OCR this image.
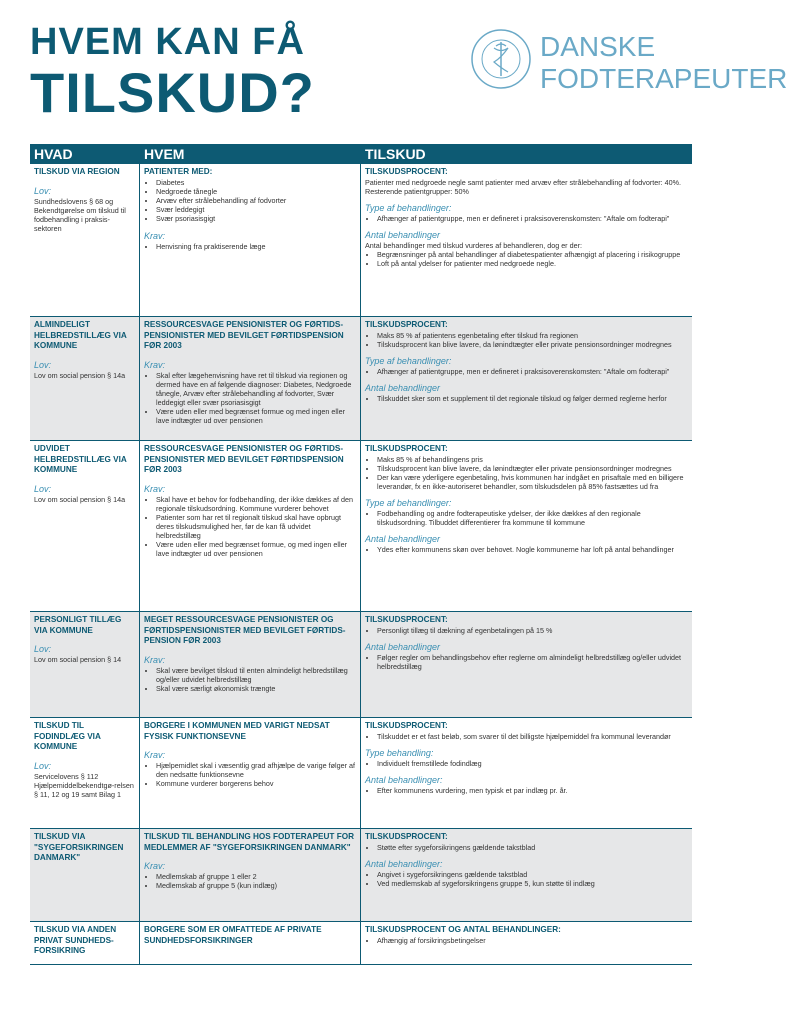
HVEM KAN FÅ
TILSKUD?
DANSKE
FODTERAPEUTER
HVAD	HVEM	TILSKUD
TILSKUD VIA REGION
Lov:
Sundhedslovens § 68 og Bekendtgørelse om tilskud til fodbehandling i praksis-sektoren
PATIENTER MED:
• Diabetes
• Nedgroede tånegle
• Arvæv efter strålebehandling af fodvorter
• Svær leddegigt
• Svær psoriasisgigt
Krav:
• Henvisning fra praktiserende læge
TILSKUDSPROCENT:
Patienter med nedgroede negle samt patienter med arvæv efter strålebehandling af fodvorter: 40%.
Resterende patientgrupper: 50%
Type af behandlinger:
• Afhænger af patientgruppe, men er defineret i praksisoverenskomsten: "Aftale om fodterapi"
Antal behandlinger
Antal behandlinger med tilskud vurderes af behandleren, dog er der:
• Begrænsninger på antal behandlinger af diabetespatienter afhængigt af placering i risikogruppe
• Loft på antal ydelser for patienter med nedgroede negle.
ALMINDELIGT HELBREDSTILLÆG VIA KOMMUNE
Lov:
Lov om social pension § 14a
RESSOURCESVAGE PENSIONISTER OG FØRTIDS-PENSIONISTER MED BEVILGET FØRTIDSPENSION FØR 2003
Krav:
• Skal efter lægehenvisning have ret til tilskud via regionen og dermed have en af følgende diagnoser: Diabetes, Nedgroede tånegle, Arvæv efter strålebehandling af fodvorter, Svær leddegigt eller svær psoriasisgigt
• Være uden eller med begrænset formue og med ingen eller lave indtægter ud over pensionen
TILSKUDSPROCENT:
• Maks 85 % af patientens egenbetaling efter tilskud fra regionen
• Tilskudsprocent kan blive lavere, da lønindtægter eller private pensionsordninger modregnes
Type af behandlinger:
• Afhænger af patientgruppe, men er defineret i praksisoverenskomsten: "Aftale om fodterapi"
Antal behandlinger
• Tilskuddet sker som et supplement til det regionale tilskud og følger dermed reglerne herfor
UDVIDET HELBREDSTILLÆG VIA KOMMUNE
Lov:
Lov om social pension § 14a
RESSOURCESVAGE PENSIONISTER OG FØRTIDS-PENSIONISTER MED BEVILGET FØRTIDSPENSION FØR 2003
Krav:
• Skal have et behov for fodbehandling, der ikke dækkes af den regionale tilskudsordning. Kommune vurderer behovet
• Patienter som har ret til regionalt tilskud skal have opbrugt deres tilskudsmulighed her, før de kan få udvidet helbredstillæg
• Være uden eller med begrænset formue, og med ingen eller lave indtægter ud over pensionen
TILSKUDSPROCENT:
• Maks 85 % af behandlingens pris
• Tilskudsprocent kan blive lavere, da lønindtægter eller private pensionsordninger modregnes
• Der kan være yderligere egenbetaling, hvis kommunen har indgået en prisaftale med en billigere leverandør, fx en ikke-autoriseret behandler, som tilskudsdelen på 85% fastsættes ud fra
Type af behandlinger:
• Fodbehandling og andre fodterapeutiske ydelser, der ikke dækkes af den regionale tilskudsordning. Tilbuddet differentierer fra kommune til kommune
Antal behandlinger
• Ydes efter kommunens skøn over behovet. Nogle kommunerne har loft på antal behandlinger
PERSONLIGT TILLÆG VIA KOMMUNE
Lov:
Lov om social pension § 14
MEGET RESSOURCESVAGE PENSIONISTER OG FØRTIDSPENSIONISTER MED BEVILGET FØRTIDS-PENSION FØR 2003
Krav:
• Skal være bevilget tilskud til enten almindeligt helbredstillæg og/eller udvidet helbredstillæg
• Skal være særligt økonomisk trængte
TILSKUDSPROCENT:
• Personligt tillæg til dækning af egenbetalingen på 15 %
Antal behandlinger
• Følger regler om behandlingsbehov efter reglerne om almindeligt helbredstillæg og/eller udvidet helbredstillæg
TILSKUD TIL FODINDLÆG VIA KOMMUNE
Lov:
Servicelovens § 112
Hjælpemiddelbekendtgø-relsen § 11, 12 og 19 samt Bilag 1
BORGERE I KOMMUNEN MED VARIGT NEDSAT FYSISK FUNKTIONSEVNE
Krav:
• Hjælpemidlet skal i væsentlig grad afhjælpe de varige følger af den nedsatte funktionsevne
• Kommune vurderer borgerens behov
TILSKUDSPROCENT:
• Tilskuddet er et fast beløb, som svarer til det billigste hjælpemiddel fra kommunal leverandør
Type behandling:
• Individuelt fremstillede fodindlæg
Antal behandlinger:
• Efter kommunens vurdering, men typisk et par indlæg pr. år.
TILSKUD VIA "SYGEFORSIKRINGEN DANMARK"
TILSKUD TIL BEHANDLING HOS FODTERAPEUT FOR MEDLEMMER AF "SYGEFORSIKRINGEN DANMARK"
Krav:
• Medlemskab af gruppe 1 eller 2
• Medlemskab af gruppe 5 (kun indlæg)
TILSKUDSPROCENT:
• Støtte efter sygeforsikringens gældende takstblad
Antal behandlinger:
• Angivet i sygeforsikringens gældende takstblad
• Ved medlemskab af sygeforsikringens gruppe 5, kun støtte til indlæg
TILSKUD VIA ANDEN PRIVAT SUNDHEDS-FORSIKRING
BORGERE SOM ER OMFATTEDE AF PRIVATE SUNDHEDSFORSIKRINGER
TILSKUDSPROCENT OG ANTAL BEHANDLINGER:
• Afhængig af forsikringsbetingelser
